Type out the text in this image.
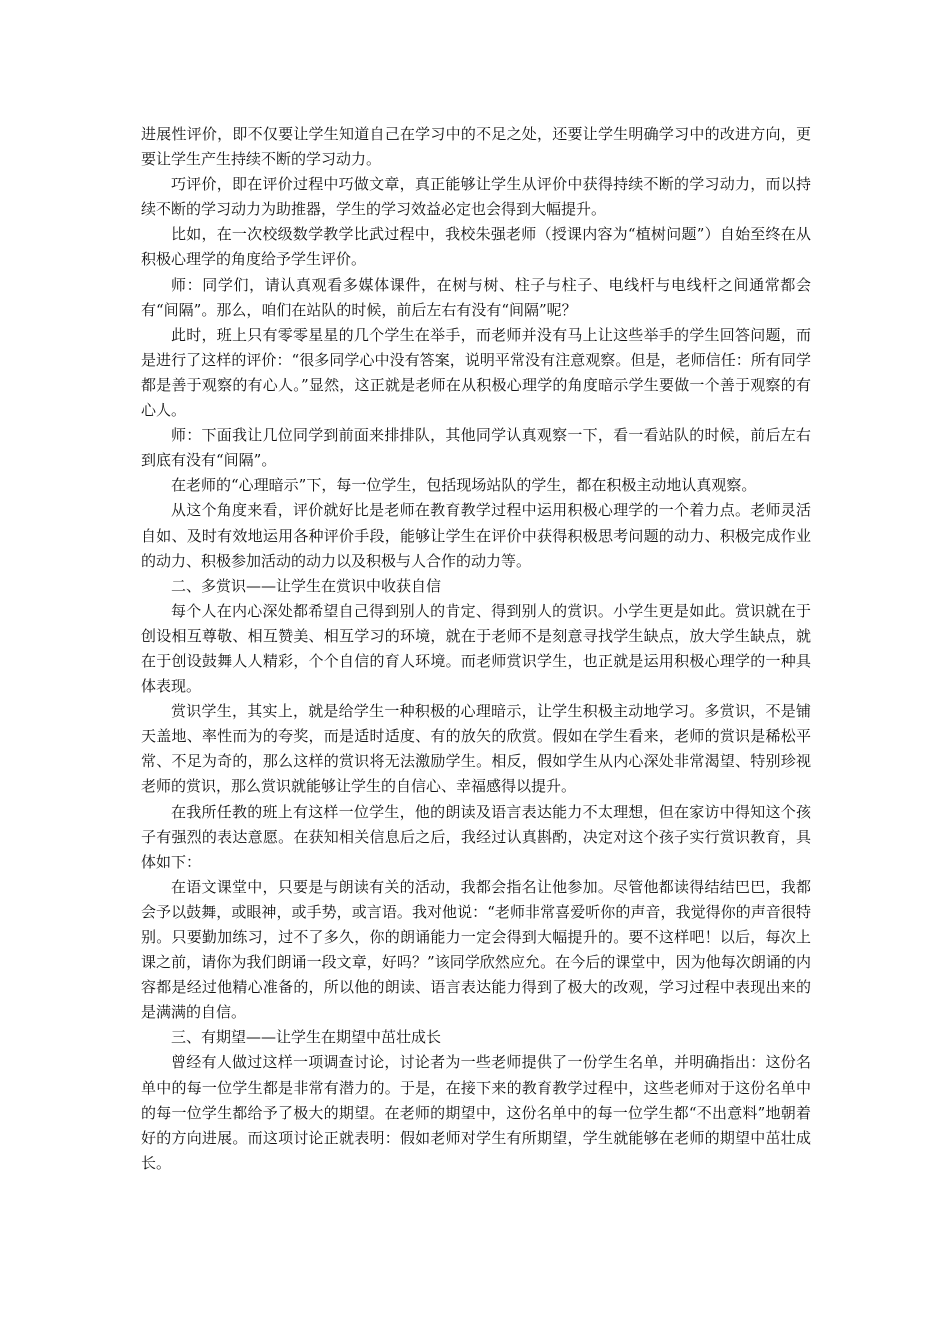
进展性评价，即不仅要让学生知道自己在学习中的不足之处，还要让学生明确学习中的改进方向，更要让学生产生持续不断的学习动力。

巧评价，即在评价过程中巧做文章，真正能够让学生从评价中获得持续不断的学习动力，而以持续不断的学习动力为助推器，学生的学习效益必定也会得到大幅提升。

比如，在一次校级数学教学比武过程中，我校朱强老师（授课内容为“植树问题”）自始至终在从积极心理学的角度给予学生评价。

师：同学们，请认真观看多媒体课件，在树与树、柱子与柱子、电线杆与电线杆之间通常都会有“间隔”。那么，咱们在站队的时候，前后左右有没有“间隔”呢？

此时，班上只有零零星星的几个学生在举手，而老师并没有马上让这些举手的学生回答问题，而是进行了这样的评价：“很多同学心中没有答案，说明平常没有注意观察。但是，老师信任：所有同学都是善于观察的有心人。”显然，这正就是老师在从积极心理学的角度暗示学生要做一个善于观察的有心人。

师：下面我让几位同学到前面来排排队，其他同学认真观察一下，看一看站队的时候，前后左右到底有没有“间隔”。

在老师的“心理暗示”下，每一位学生，包括现场站队的学生，都在积极主动地认真观察。

从这个角度来看，评价就好比是老师在教育教学过程中运用积极心理学的一个着力点。老师灵活自如、及时有效地运用各种评价手段，能够让学生在评价中获得积极思考问题的动力、积极完成作业的动力、积极参加活动的动力以及积极与人合作的动力等。

二、多赏识——让学生在赏识中收获自信

每个人在内心深处都希望自己得到别人的肯定、得到别人的赏识。小学生更是如此。赏识就在于创设相互尊敬、相互赞美、相互学习的环境，就在于老师不是刻意寻找学生缺点，放大学生缺点，就在于创设鼓舞人人精彩，个个自信的育人环境。而老师赏识学生，也正就是运用积极心理学的一种具体表现。

赏识学生，其实上，就是给学生一种积极的心理暗示，让学生积极主动地学习。多赏识，不是铺天盖地、率性而为的夸奖，而是适时适度、有的放矢的欣赏。假如在学生看来，老师的赏识是稀松平常、不足为奇的，那么这样的赏识将无法激励学生。相反，假如学生从内心深处非常渴望、特别珍视老师的赏识，那么赏识就能够让学生的自信心、幸福感得以提升。

在我所任教的班上有这样一位学生，他的朗读及语言表达能力不太理想，但在家访中得知这个孩子有强烈的表达意愿。在获知相关信息后之后，我经过认真斟酌，决定对这个孩子实行赏识教育，具体如下：

在语文课堂中，只要是与朗读有关的活动，我都会指名让他参加。尽管他都读得结结巴巴，我都会予以鼓舞，或眼神，或手势，或言语。我对他说：“老师非常喜爱听你的声音，我觉得你的声音很特别。只要勤加练习，过不了多久，你的朗诵能力一定会得到大幅提升的。要不这样吧！以后，每次上课之前，请你为我们朗诵一段文章，好吗？”该同学欣然应允。在今后的课堂中，因为他每次朗诵的内容都是经过他精心准备的，所以他的朗读、语言表达能力得到了极大的改观，学习过程中表现出来的是满满的自信。

三、有期望——让学生在期望中茁壮成长

曾经有人做过这样一项调查讨论，讨论者为一些老师提供了一份学生名单，并明确指出：这份名单中的每一位学生都是非常有潜力的。于是，在接下来的教育教学过程中，这些老师对于这份名单中的每一位学生都给予了极大的期望。在老师的期望中，这份名单中的每一位学生都“不出意料”地朝着好的方向进展。而这项讨论正就表明：假如老师对学生有所期望，学生就能够在老师的期望中茁壮成长。
